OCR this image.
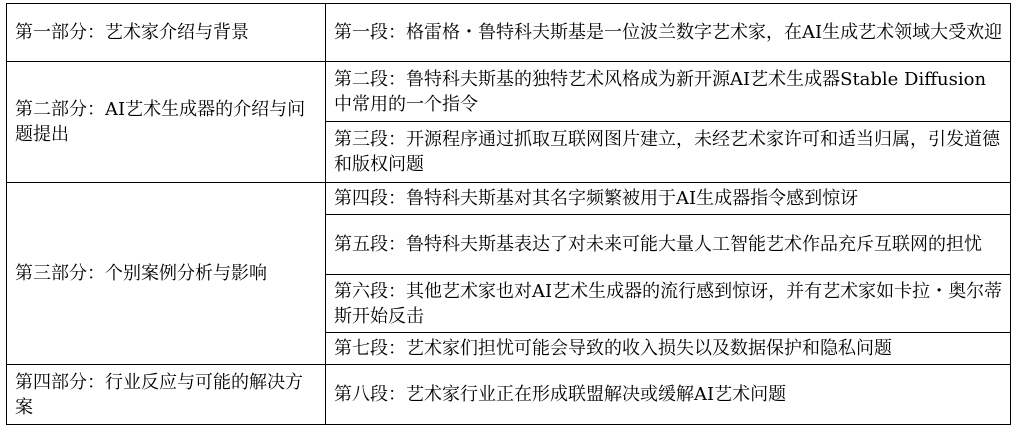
第一部分：艺术家介绍与背景	第一段：格雷格・鲁特科夫斯基是一位波兰数字艺术家，在AI生成艺术领域大受欢迎
第二部分：AI艺术生成器的介绍与问题提出	第二段：鲁特科夫斯基的独特艺术风格成为新开源AI艺术生成器Stable Diffusion中常用的一个指令
	第三段：开源程序通过抓取互联网图片建立，未经艺术家许可和适当归属，引发道德和版权问题
第三部分：个别案例分析与影响	第四段：鲁特科夫斯基对其名字频繁被用于AI生成器指令感到惊讶
	第五段：鲁特科夫斯基表达了对未来可能大量人工智能艺术作品充斥互联网的担忧
	第六段：其他艺术家也对AI艺术生成器的流行感到惊讶，并有艺术家如卡拉・奥尔蒂斯开始反击
	第七段：艺术家们担忧可能会导致的收入损失以及数据保护和隐私问题
第四部分：行业反应与可能的解决方案	第八段：艺术家行业正在形成联盟解决或缓解AI艺术问题
